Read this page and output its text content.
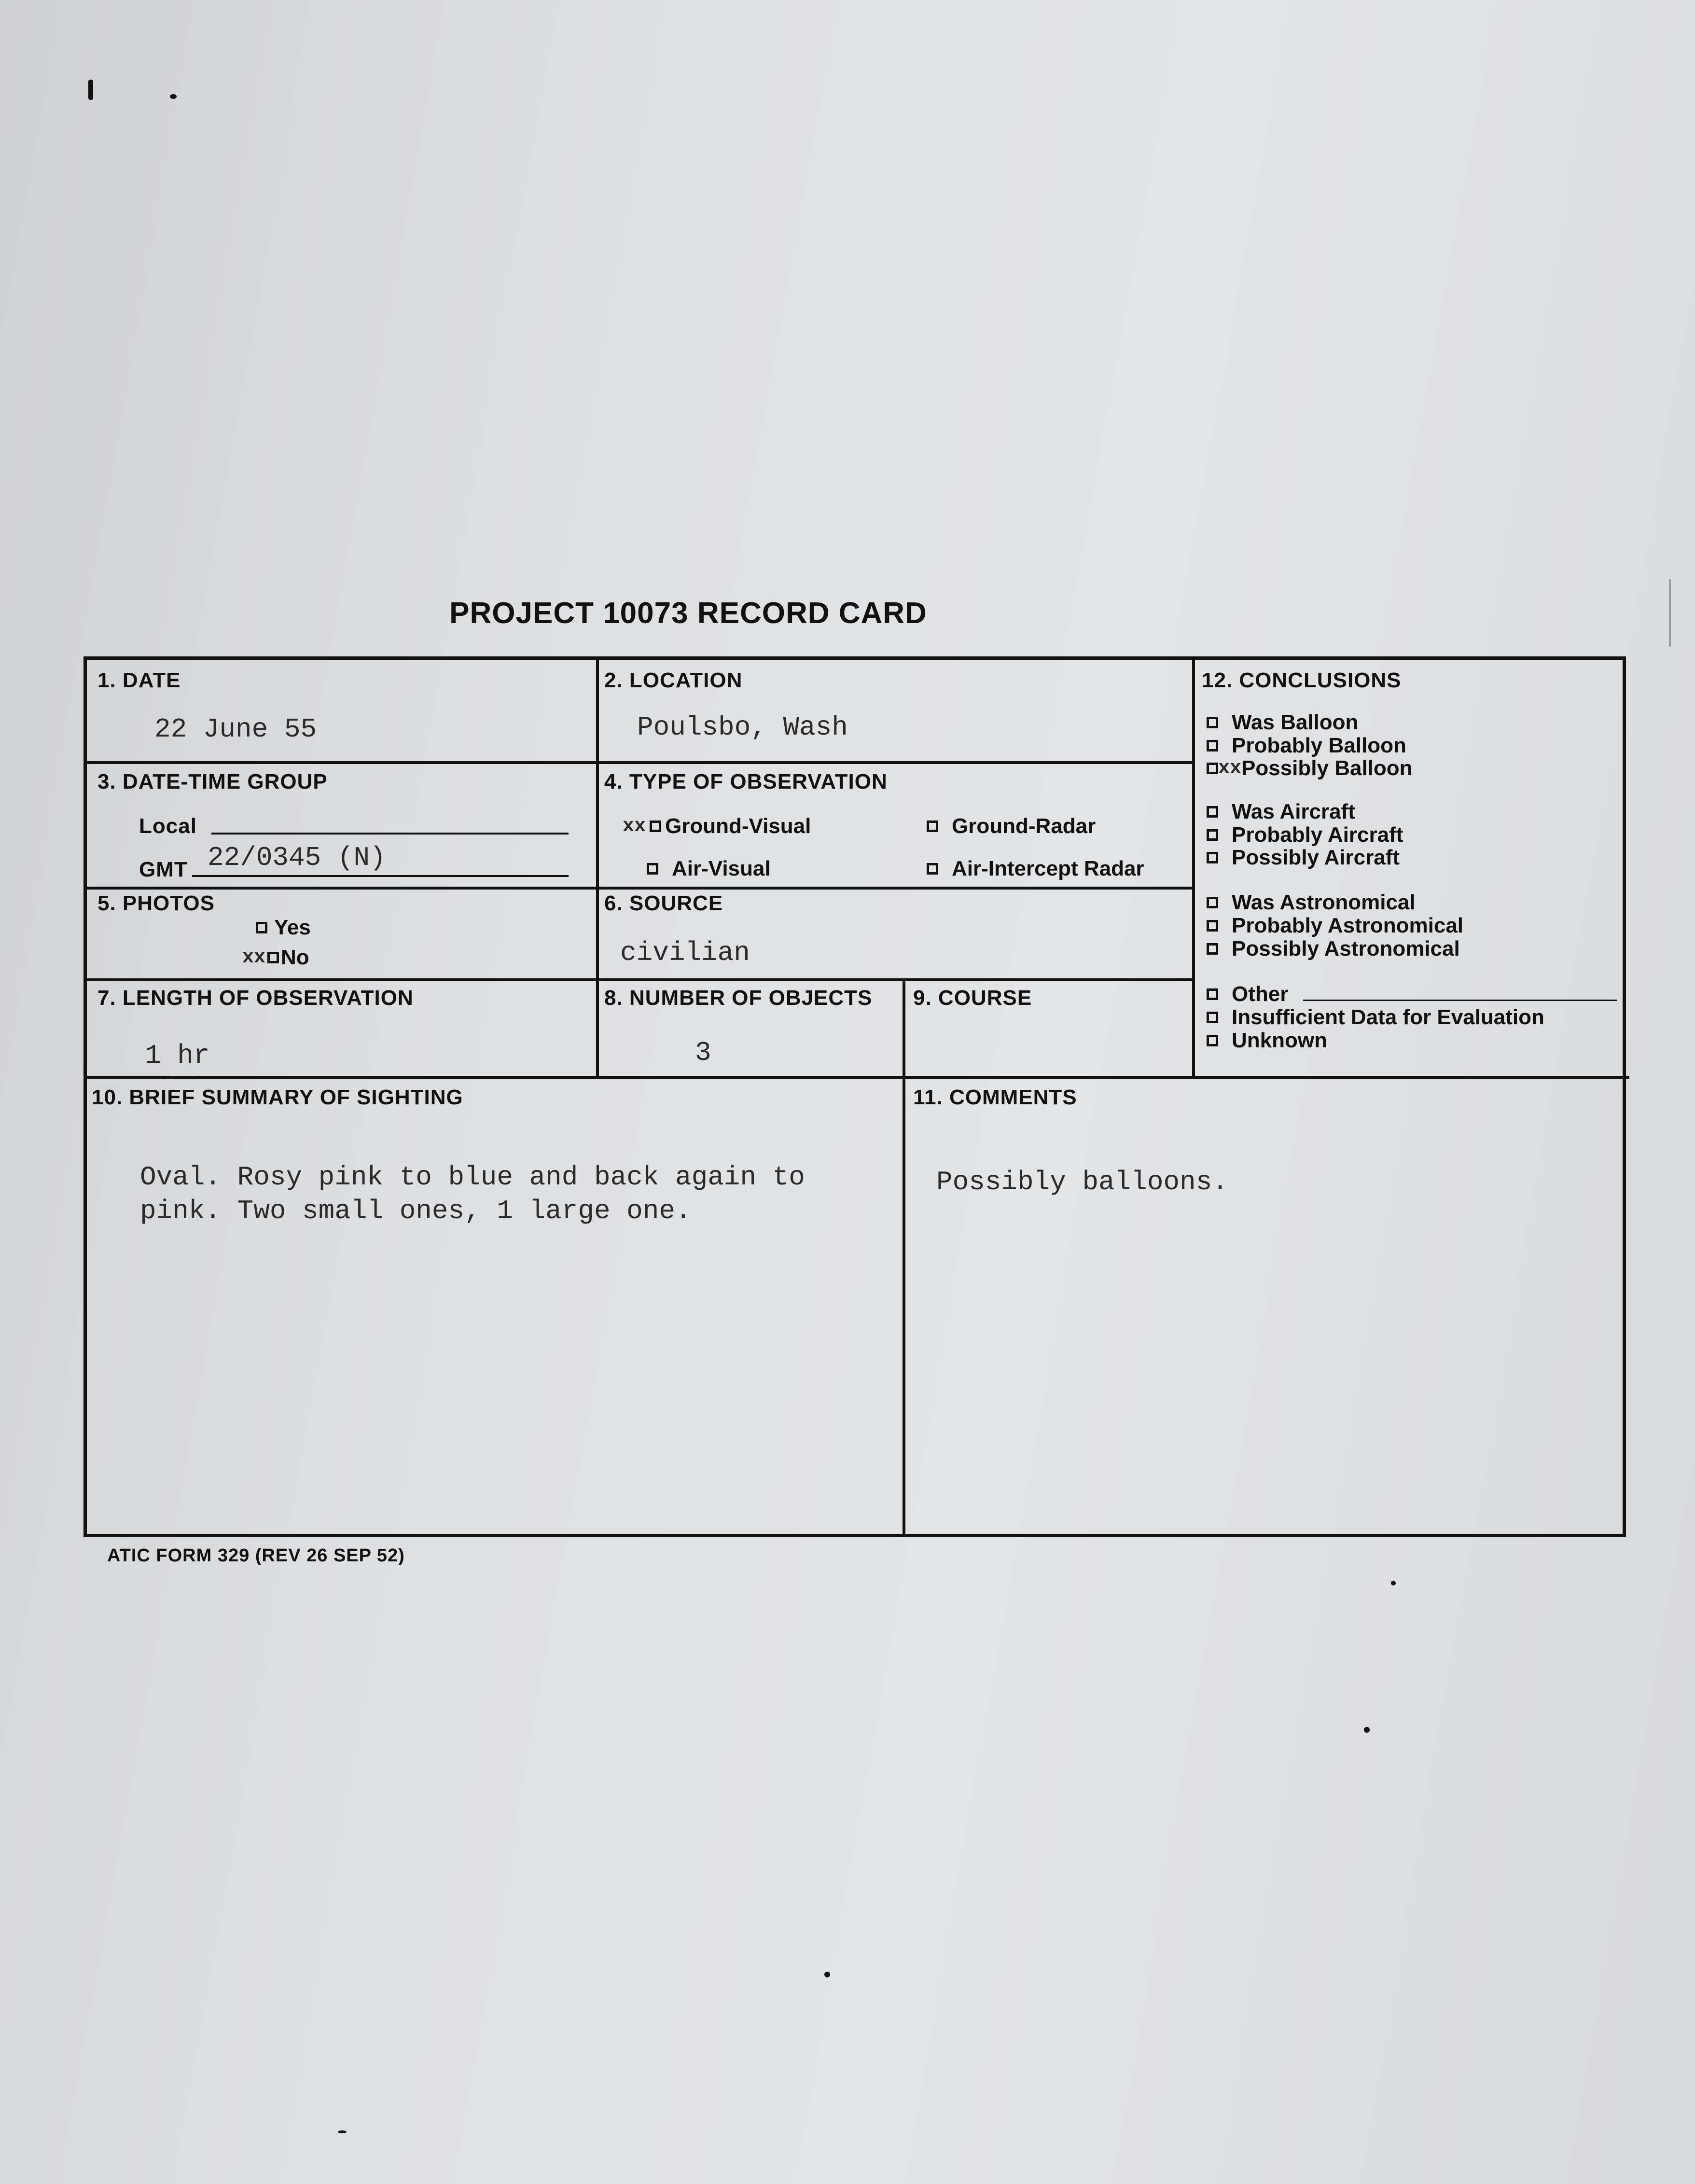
PROJECT 10073 RECORD CARD
1. DATE
22 June 55
2. LOCATION
Poulsbo, Wash
3. DATE-TIME GROUP
Local
GMT 22/0345 (N)
4. TYPE OF OBSERVATION
xx Ground-Visual	Ground-Radar
Air-Visual	Air-Intercept Radar
5. PHOTOS
Yes
xx No
6. SOURCE
civilian
7. LENGTH OF OBSERVATION
1 hr
8. NUMBER OF OBJECTS
3
9. COURSE
10. BRIEF SUMMARY OF SIGHTING
Oval. Rosy pink to blue and back again to
pink. Two small ones, 1 large one.
11. COMMENTS
Possibly balloons.
12. CONCLUSIONS
Was Balloon
Probably Balloon
xx Possibly Balloon
Was Aircraft
Probably Aircraft
Possibly Aircraft
Was Astronomical
Probably Astronomical
Possibly Astronomical
Other
Insufficient Data for Evaluation
Unknown
ATIC FORM 329 (REV 26 SEP 52)
